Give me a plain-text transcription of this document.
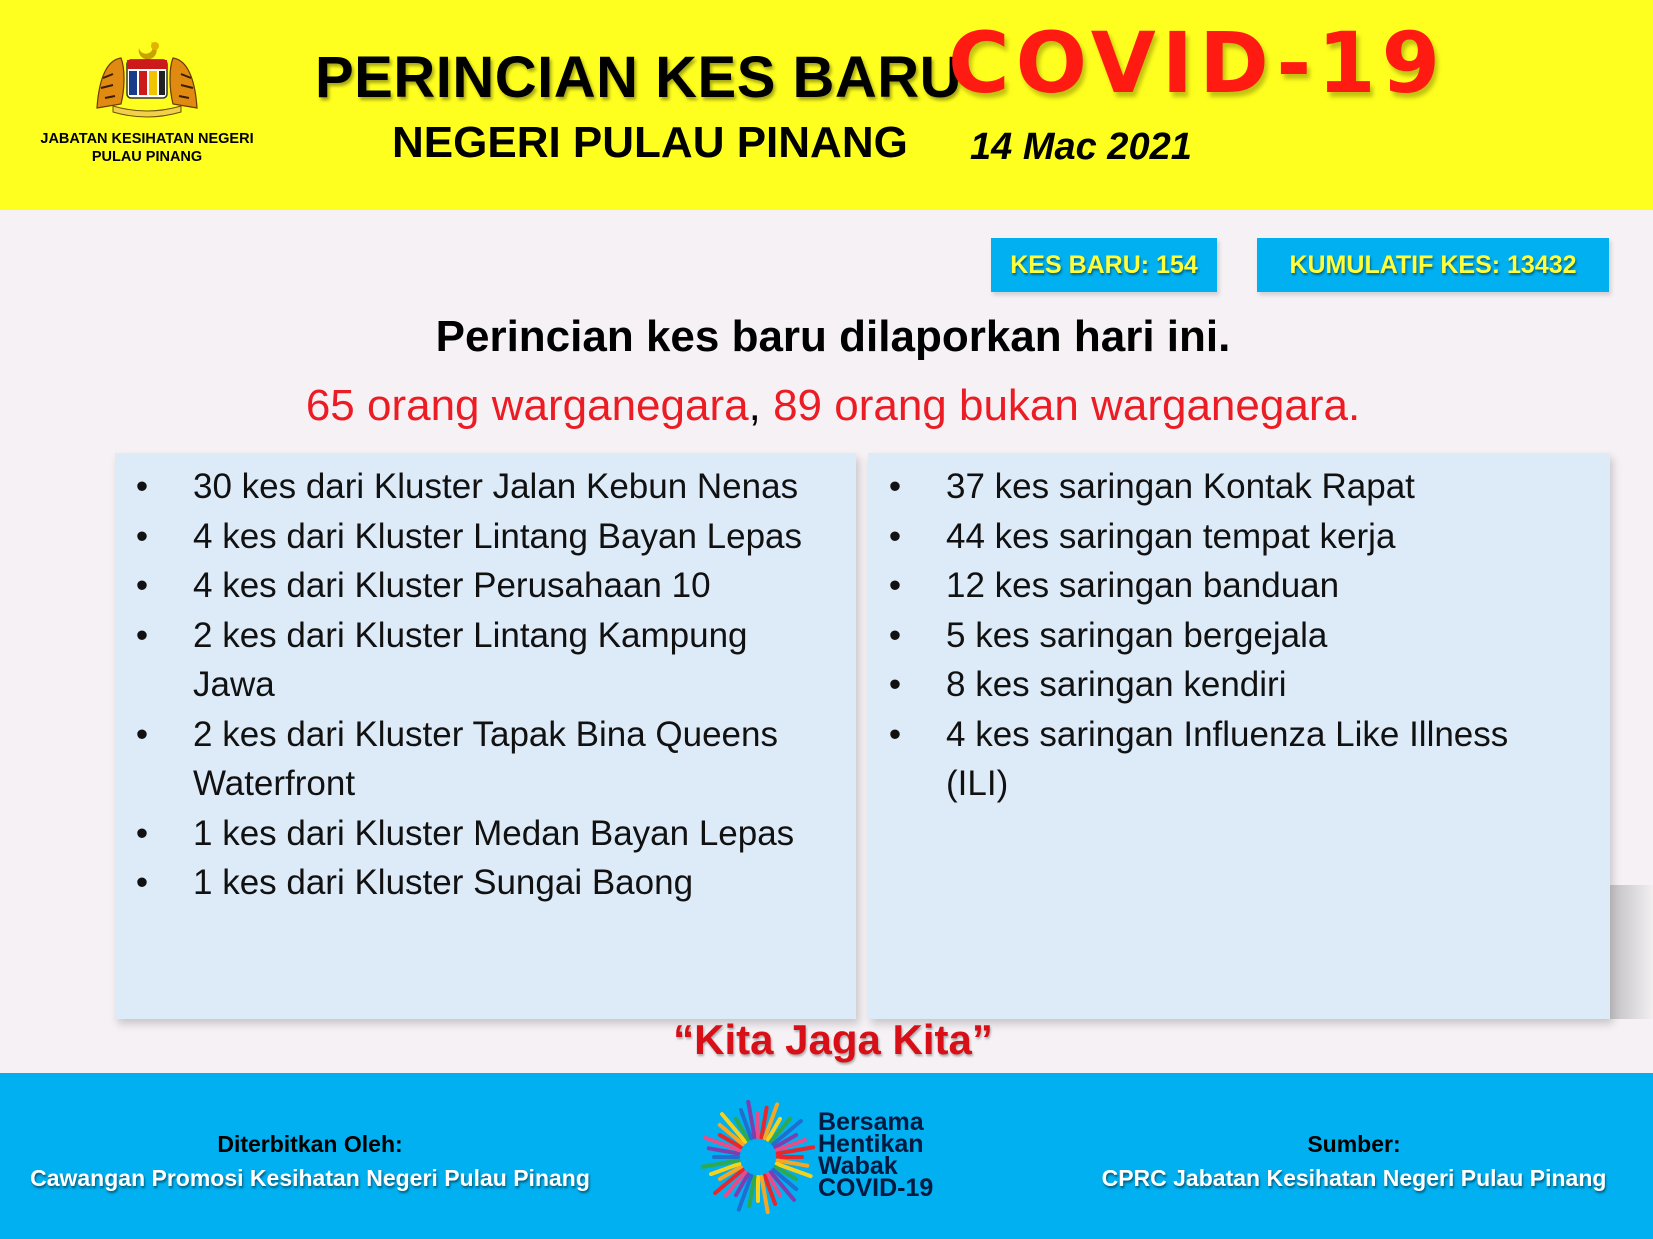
JABATAN KESIHATAN NEGERI
PULAU PINANG
PERINCIAN KES BARU
COVID-19
NEGERI PULAU PINANG 14 Mac 2021
KES BARU: 154	KUMULATIF KES: 13432
Perincian kes baru dilaporkan hari ini.
65 orang warganegara, 89 orang bukan warganegara.
• 30 kes dari Kluster Jalan Kebun Nenas
• 4 kes dari Kluster Lintang Bayan Lepas
• 4 kes dari Kluster Perusahaan 10
• 2 kes dari Kluster Lintang Kampung
Jawa
• 2 kes dari Kluster Tapak Bina Queens
Waterfront
• 1 kes dari Kluster Medan Bayan Lepas
• 1 kes dari Kluster Sungai Baong
• 37 kes saringan Kontak Rapat
• 44 kes saringan tempat kerja
• 12 kes saringan banduan
• 5 kes saringan bergejala
• 8 kes saringan kendiri
• 4 kes saringan Influenza Like Illness
(ILI)
“Kita Jaga Kita”
Diterbitkan Oleh:
Cawangan Promosi Kesihatan Negeri Pulau Pinang
Bersama
Hentikan
Wabak
COVID-19
Sumber:
CPRC Jabatan Kesihatan Negeri Pulau Pinang
